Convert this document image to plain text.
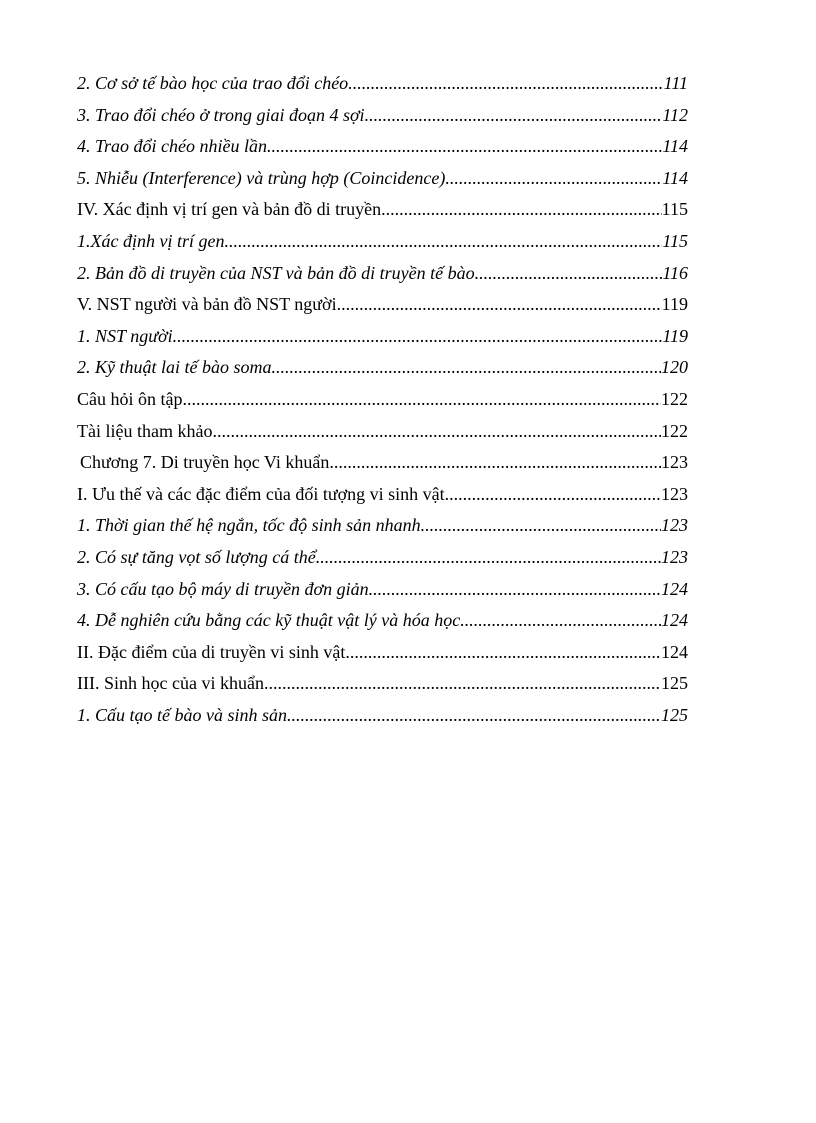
2. Cơ sở tế bào học của trao đổi chéo .....	111
3. Trao đổi chéo ở trong giai đoạn 4 sợi .....	112
4. Trao đổi chéo nhiều lần .....	114
5. Nhiễu (Interference) và trùng hợp (Coincidence) .....	114
IV. Xác định vị trí gen và bản đồ di truyền .....	115
1.Xác định vị trí gen .....	115
2. Bản đồ di truyền của NST và bản đồ di truyền tế bào .....	116
V. NST người và bản đồ NST người .....	119
1. NST người .....	119
2. Kỹ thuật lai tế bào soma .....	120
Câu hỏi ôn tập .....	122
Tài liệu tham khảo .....	122
Chương 7. Di truyền học Vi khuẩn .....	123
I. Ưu thế và các đặc điểm của đối tượng vi sinh vật .....	123
1. Thời gian thế hệ ngắn, tốc độ sinh sản nhanh .....	123
2. Có sự tăng vọt số lượng cá thể .....	123
3. Có cấu tạo bộ máy di truyền đơn giản .....	124
4. Dễ nghiên cứu bằng các kỹ thuật vật lý và hóa học .....	124
II. Đặc điểm của di truyền vi sinh vật .....	124
III. Sinh học của vi khuẩn .....	125
1. Cấu tạo tế bào và sinh sản .....	125
